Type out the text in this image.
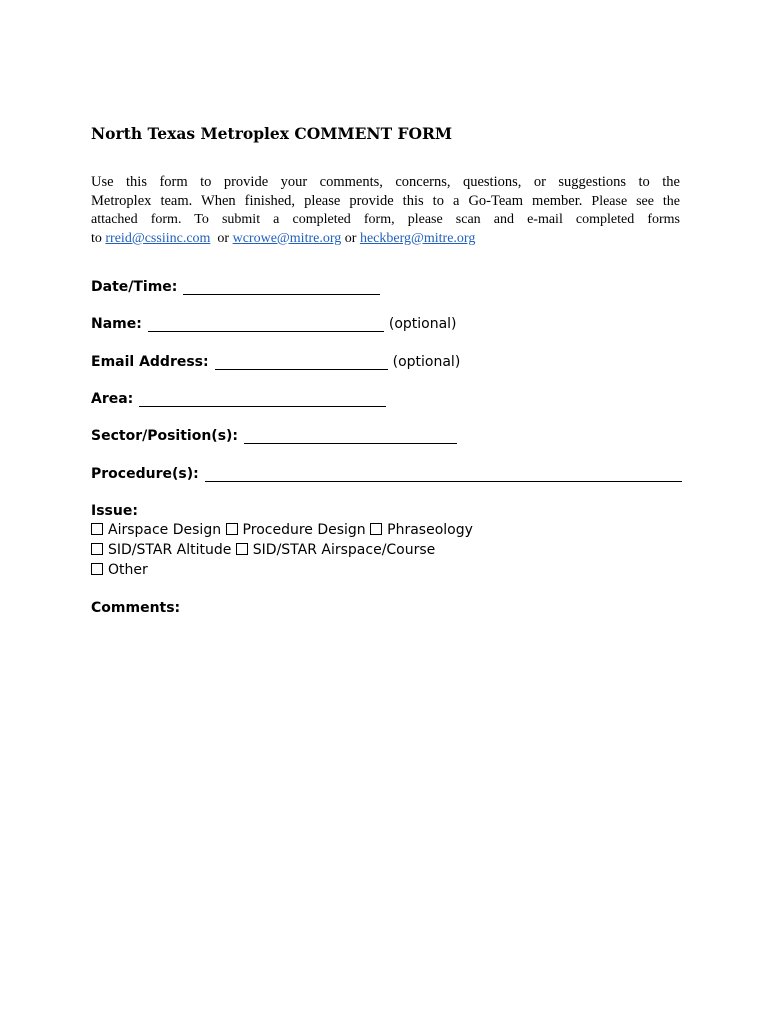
North Texas Metroplex COMMENT FORM
Use this form to provide your comments, concerns, questions, or suggestions to the
Metroplex team. When finished, please provide this to a Go-Team member. Please see the
attached form. To submit a completed form, please scan and e-mail completed forms
to rreid@cssiinc.com or wcrowe@mitre.org or heckberg@mitre.org
Date/Time:
Name:	(optional)
Email Address:	(optional)
Area:
Sector/Position(s):
Procedure(s):
Issue:
Airspace Design Procedure Design Phraseology
SID/STAR Altitude SID/STAR Airspace/Course
Other
Comments:
